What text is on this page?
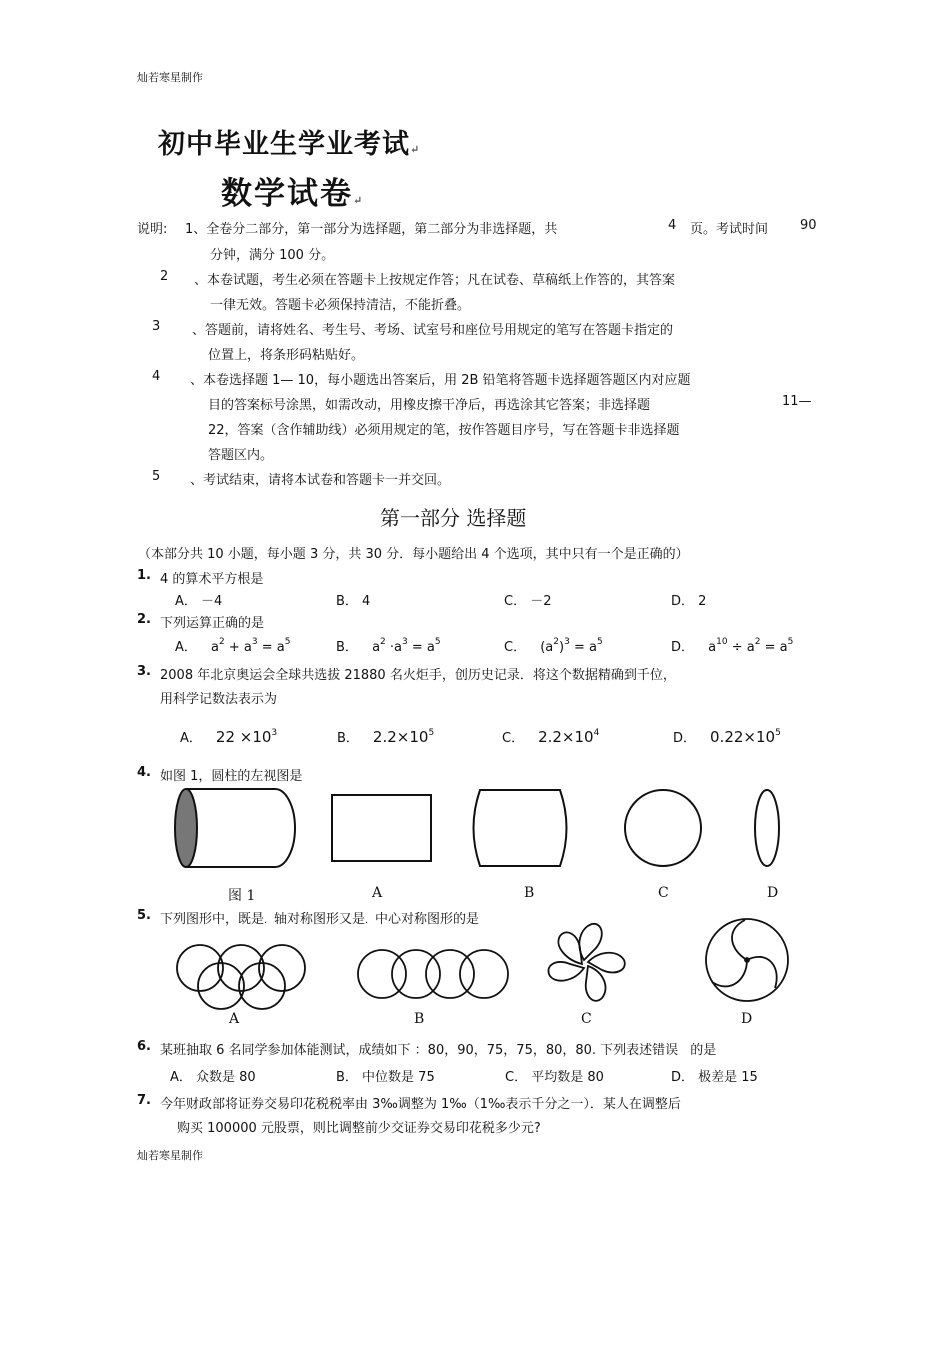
灿若寒星制作
初中毕业生学业考试↵
数学试卷↵
说明: 1、全卷分二部分，第一部分为选择题，第二部分为非选择题，共	4 页。考试时间 90
分钟，满分 100 分。
2 、本卷试题，考生必须在答题卡上按规定作答；凡在试卷、草稿纸上作答的，其答案
一律无效。答题卡必须保持清洁，不能折叠。
3 、答题前，请将姓名、考生号、考场、试室号和座位号用规定的笔写在答题卡指定的
位置上，将条形码粘贴好。
4 、本卷选择题 1— 10，每小题选出答案后，用 2B 铅笔将答题卡选择题答题区内对应题
目的答案标号涂黑，如需改动，用橡皮擦干净后，再选涂其它答案；非选择题	11—
22，答案（含作辅助线）必须用规定的笔，按作答题目序号，写在答题卡非选择题
答题区内。
5 、考试结束，请将本试卷和答题卡一并交回。
第一部分 选择题
（本部分共 10 小题，每小题 3 分，共 30 分．每小题给出 4 个选项，其中只有一个是正确的）
1. 4 的算术平方根是
A． －4	B． 4	C． －2	D． 2
2. 下列运算正确的是
A． $a^2 + a^3 = a^5$	B． $a^2 \cdot a^3 = a^5$	C． $(a^2)^3 = a^5$	D． $a^{10} \div a^2 = a^5$
3. 2008 年北京奥运会全球共选拔 21880 名火炬手，创历史记录．将这个数据精确到千位，
用科学记数法表示为
A． $22 \times 10^3$	B． $2.2\times 10^5$	C． $2.2\times 10^4$	D． $0.22\times 10^5$
4. 如图 1，圆柱的左视图是
图 1	A	B	C	D
5. 下列图形中，既是．轴对称图形又是．中心对称图形的是
A	B	C	D
6. 某班抽取 6 名同学参加体能测试，成绩如下 ：80，90，75，75，80，80. 下列表述错误 的是
A． 众数是 80	B． 中位数是 75	C． 平均数是 80	D． 极差是 15
7. 今年财政部将证券交易印花税税率由 3‰调整为 1‰（1‰表示千分之一）．某人在调整后
购买 100000 元股票，则比调整前少交证券交易印花税多少元?
灿若寒星制作
